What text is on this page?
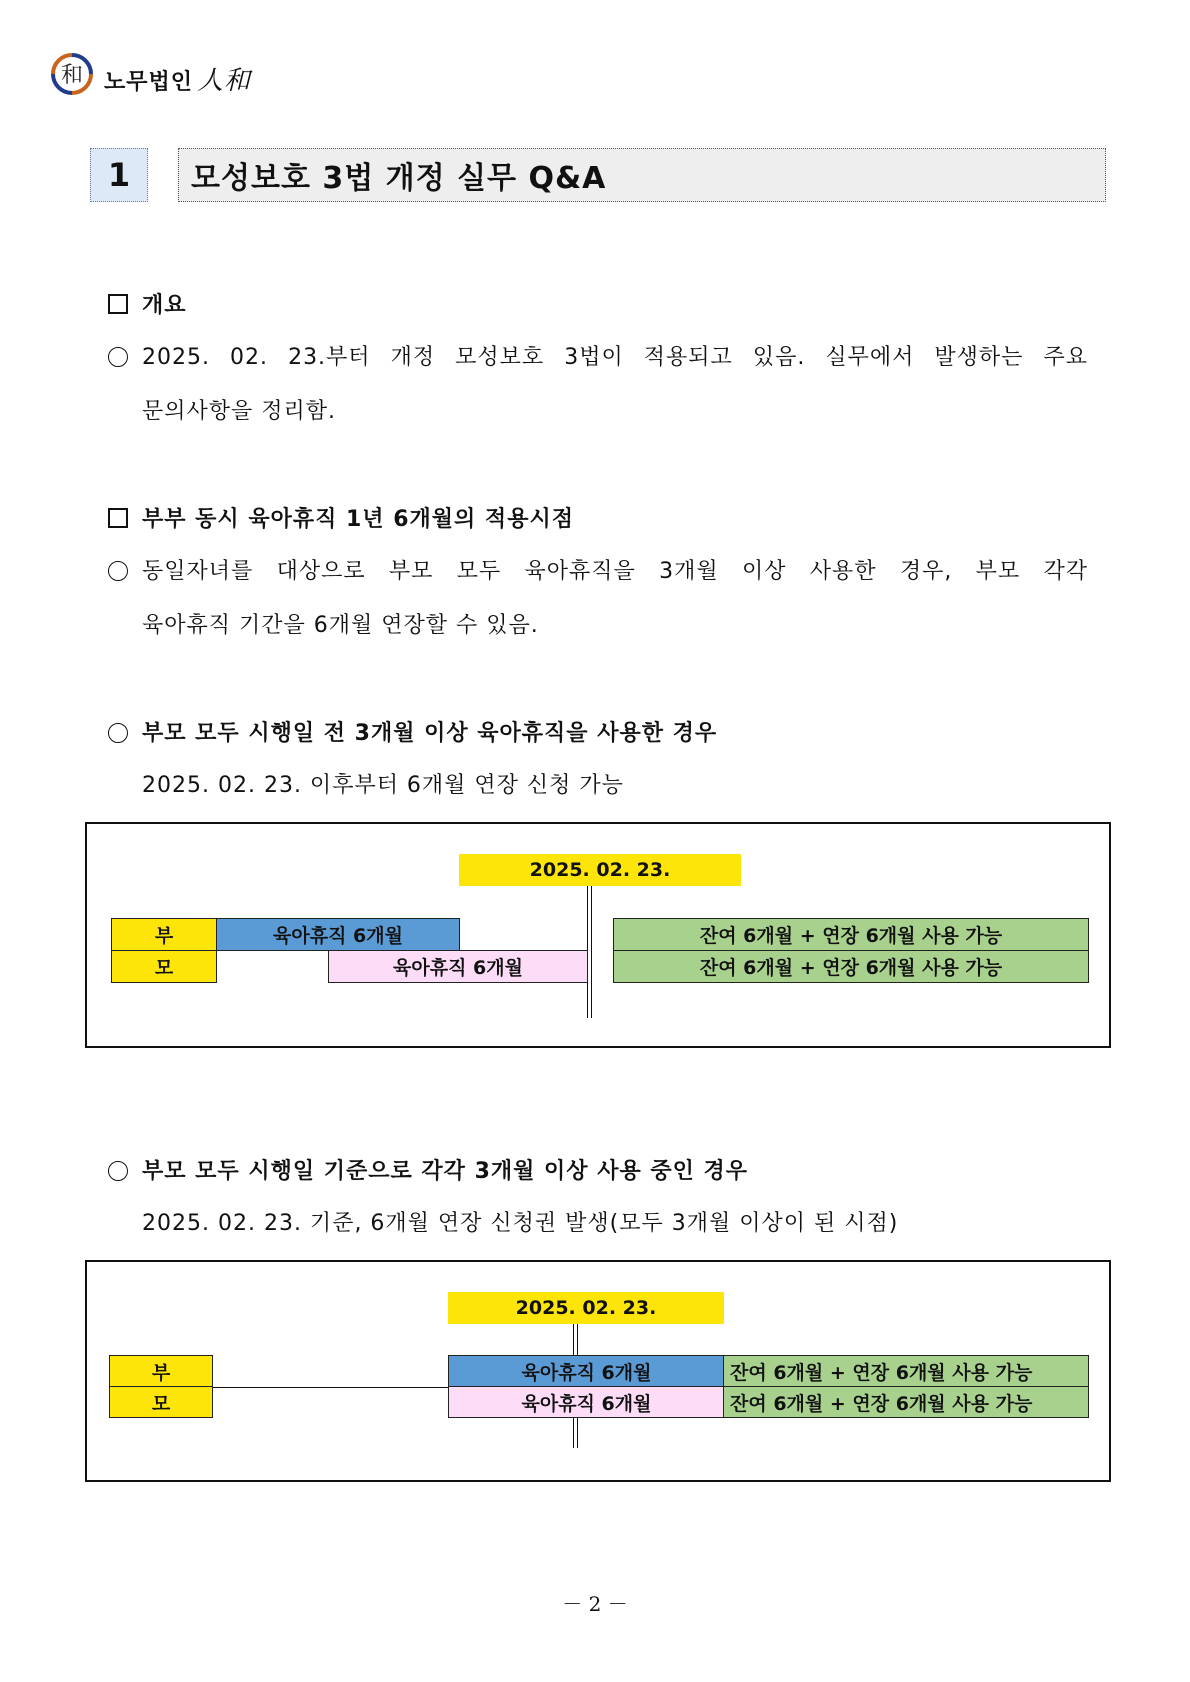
和 노무법인 人和
1	모성보호 3법 개정 실무 Q&A
개요
2025. 02. 23.부터 개정 모성보호 3법이 적용되고 있음. 실무에서 발생하는 주요
문의사항을 정리함.
부부 동시 육아휴직 1년 6개월의 적용시점
동일자녀를 대상으로 부모 모두 육아휴직을 3개월 이상 사용한 경우, 부모 각각
육아휴직 기간을 6개월 연장할 수 있음.
부모 모두 시행일 전 3개월 이상 육아휴직을 사용한 경우
2025. 02. 23. 이후부터 6개월 연장 신청 가능
2025. 02. 23.
부	육아휴직 6개월	잔여 6개월 + 연장 6개월 사용 가능
모	육아휴직 6개월	잔여 6개월 + 연장 6개월 사용 가능
부모 모두 시행일 기준으로 각각 3개월 이상 사용 중인 경우
2025. 02. 23. 기준, 6개월 연장 신청권 발생(모두 3개월 이상이 된 시점)
2025. 02. 23.
부	육아휴직 6개월	잔여 6개월 + 연장 6개월 사용 가능
모	육아휴직 6개월	잔여 6개월 + 연장 6개월 사용 가능
－ 2 －
